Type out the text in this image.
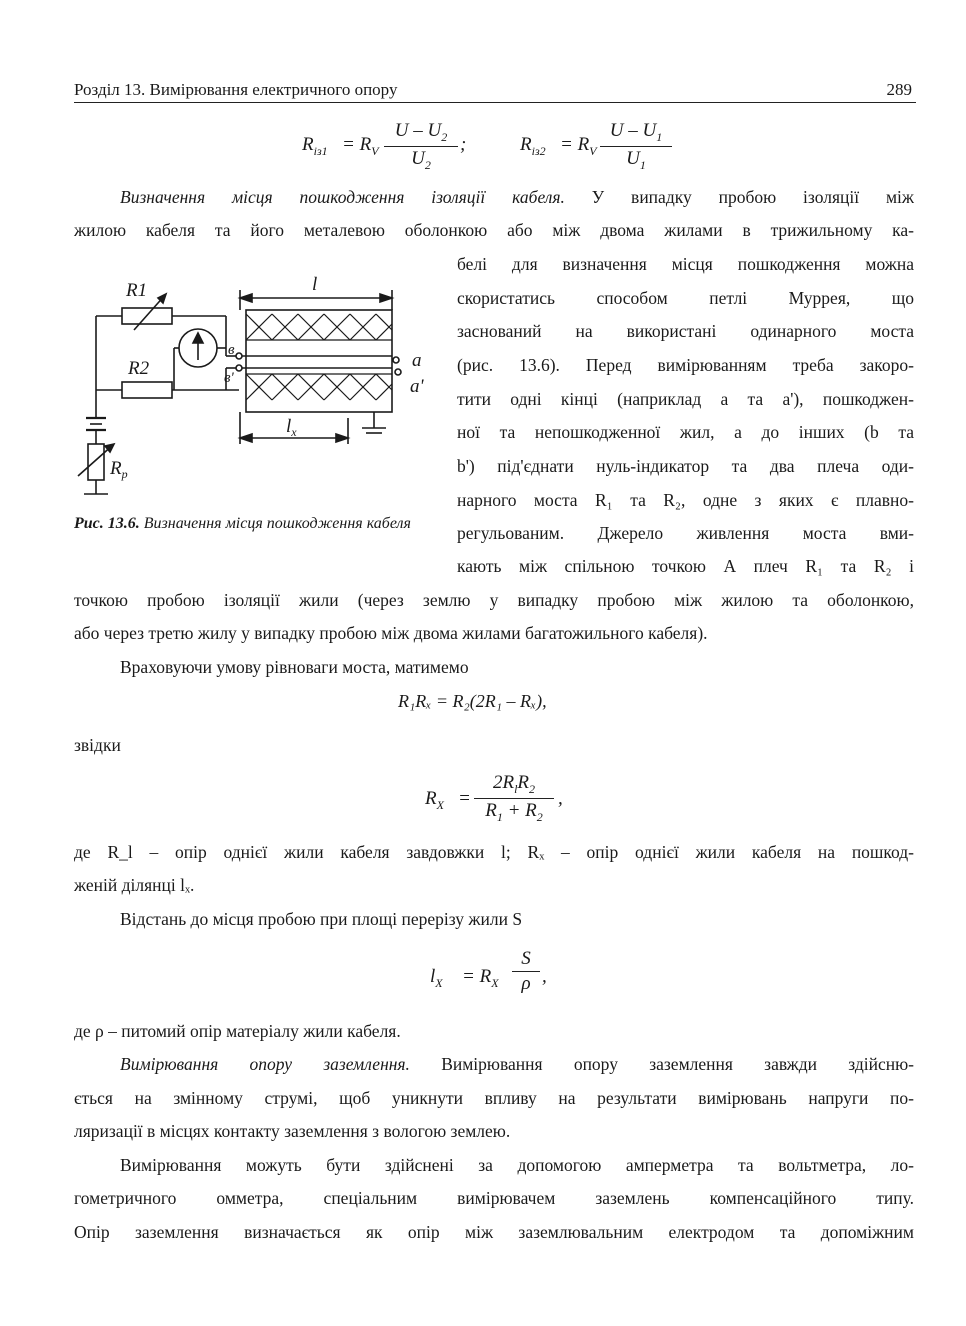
Розділ 13. Вимірювання електричного опору	289
$R_{із1} = R_V \frac{U - U_2}{U_2}$ ;	$R_{із2} = R_V \frac{U - U_1}{U_1}$
Визначення місця пошкодження ізоляції кабеля. У випадку пробою ізоляції між
жилою кабеля та його металевою оболонкою або між двома жилами в трижильному ка-
белі для визначення місця пошкодження можна
скористатись способом петлі Муррея, що
заснований на використані одинарного моста
(рис. 13.6). Перед вимірюванням треба закоро-
тити одні кінці (наприклад а та а'), пошкоджен-
ної та непошкодженної жил, а до інших (b та
b') під'єднати нуль-індикатор та два плеча оди-
нарного моста R₁ та R₂, одне з яких є плавно-
регульованим. Джерело живлення моста вми-
кають між спільною точкою А плеч R₁ та R₂ і
точкою пробою ізоляції жили (через землю у випадку пробою між жилою та оболонкою,
або через третю жилу у випадку пробою між двома жилами багатожильного кабеля).
R1
R2
l
$l_x$
в
в'
a
a'
$R_р$
Рис. 13.6. Визначення місця пошкодження кабеля
Враховуючи умову рівноваги моста, матимемо
R₁Rₓ = R₂(2R₁ – Rₓ),
звідки
$R_X$ =
$2R_lR_2$
$R_1 + R_2$
,
де R_l – опір однієї жили кабеля завдовжки l; Rₓ – опір однієї жили кабеля на пошкод-
женій ділянці lₓ.
Відстань до місця пробою при площі перерізу жили S
$l_X = R_X \frac{S}{\rho}$ ,
де ρ – питомий опір матеріалу жили кабеля.
Вимірювання опору заземлення. Вимірювання опору заземлення завжди здійсню-
ється на змінному струмі, щоб уникнути впливу на результати вимірювань напруги по-
ляризації в місцях контакту заземлення з вологою землею.
Вимірювання можуть бути здійснені за допомогою амперметра та вольтметра, ло-
гометричного омметра, спеціальним вимірювачем заземлень компенсаційного типу.
Опір заземлення визначається як опір між заземлювальним електродом та допоміжним
